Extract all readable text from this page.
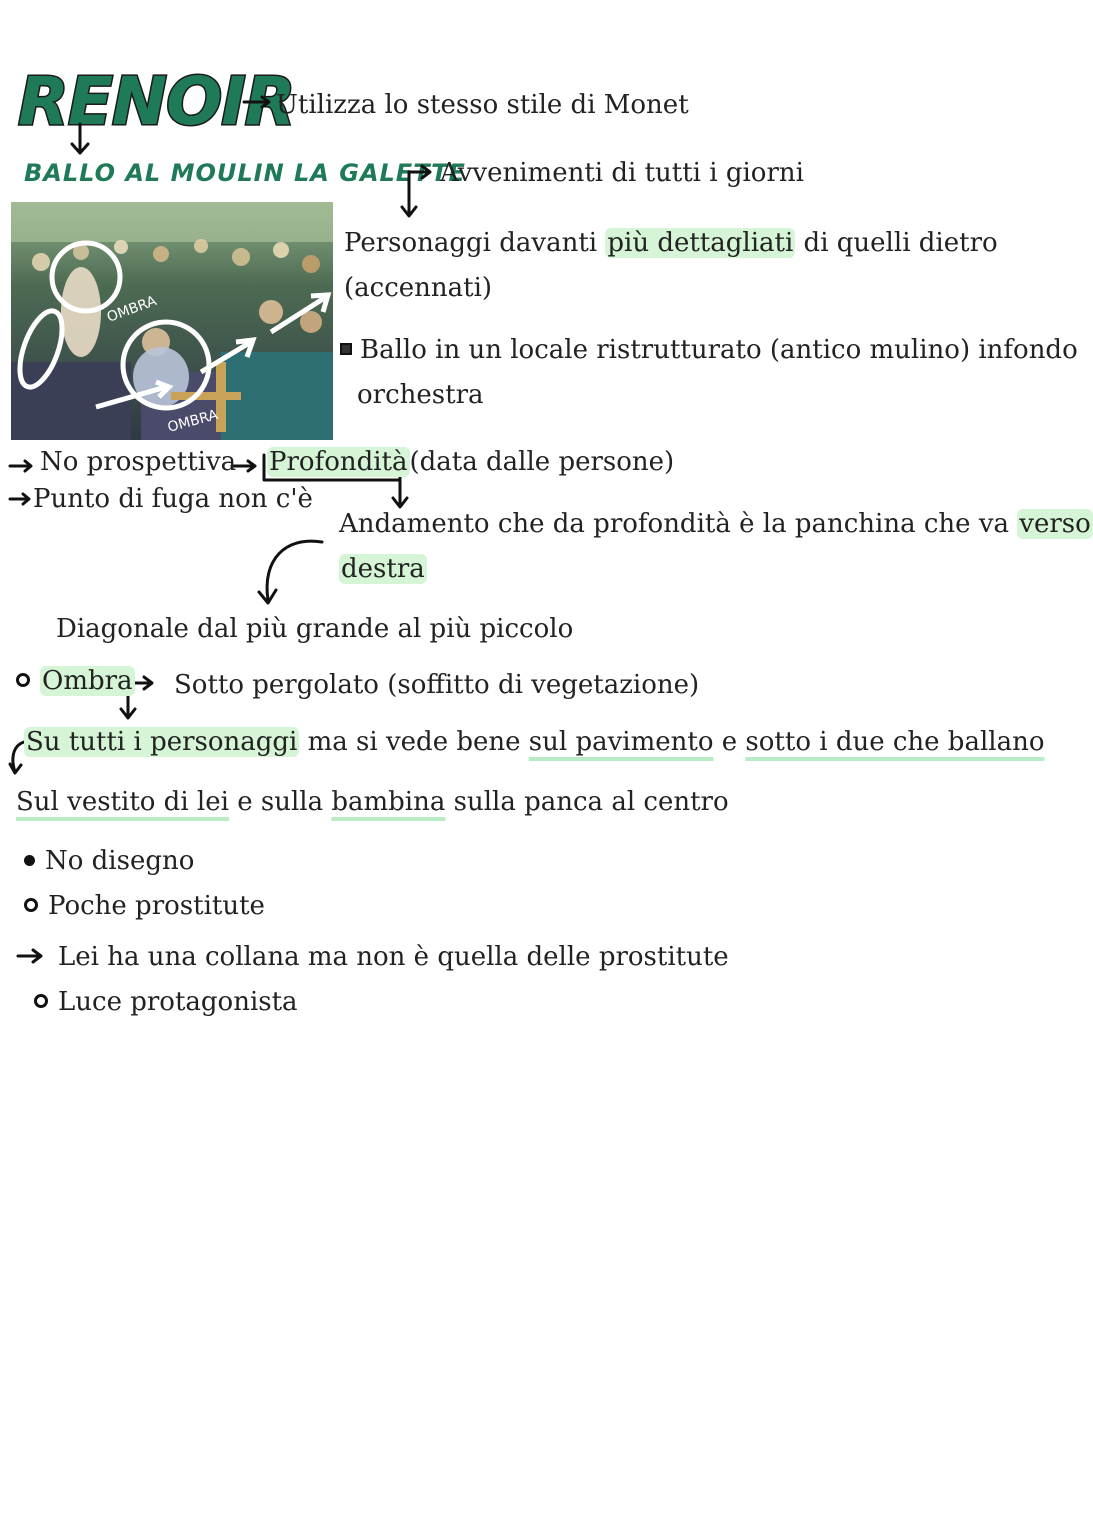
RENOIR
Utilizza lo stesso stile di Monet
BALLO AL MOULIN LA GALETTE
Avvenimenti di tutti i giorni
OMBRA
OMBRA
Personaggi davanti più dettagliati di quelli dietro
(accennati)
Ballo in un locale ristrutturato (antico mulino) infondo
orchestra
No prospettiva Profondità(data dalle persone)
Punto di fuga non c'è
Andamento che da profondità è la panchina che va verso
destra
Diagonale dal più grande al più piccolo
Ombra Sotto pergolato (soffitto di vegetazione)
Su tutti i personaggi ma si vede bene sul pavimento e sotto i due che ballano
Sul vestito di lei e sulla bambina sulla panca al centro
No disegno
Poche prostitute
Lei ha una collana ma non è quella delle prostitute
Luce protagonista
